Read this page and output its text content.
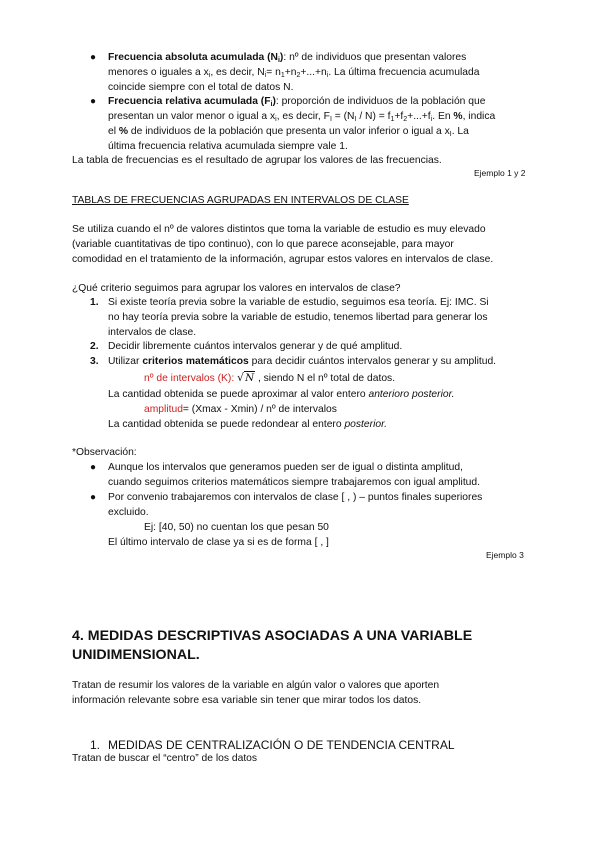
● Frecuencia absoluta acumulada $(N_i)$: nº de individuos que presentan valores
menores o iguales a $x_i$, es decir, $N_i= n_1+n_2+...+n_i$. La última frecuencia acumulada
coincide siempre con el total de datos N.
● Frecuencia relativa acumulada $(F_i)$: proporción de individuos de la población que
presentan un valor menor o igual a $x_i$, es decir, $F_I = (N_I / N) = f_1+f_2+...+f_i$. En %, indica
el % de individuos de la población que presenta un valor inferior o igual a $x_I$. La
última frecuencia relativa acumulada siempre vale 1.
La tabla de frecuencias es el resultado de agrupar los valores de las frecuencias.
Ejemplo 1 y 2
TABLAS DE FRECUENCIAS AGRUPADAS EN INTERVALOS DE CLASE
Se utiliza cuando el nº de valores distintos que toma la variable de estudio es muy elevado
(variable cuantitativas de tipo continuo), con lo que parece aconsejable, para mayor
comodidad en el tratamiento de la información, agrupar estos valores en intervalos de clase.
¿Qué criterio seguimos para agrupar los valores en intervalos de clase?
1. Si existe teoría previa sobre la variable de estudio, seguimos esa teoría. Ej: IMC. Si
no hay teoría previa sobre la variable de estudio, tenemos libertad para generar los
intervalos de clase.
2. Decidir libremente cuántos intervalos generar y de qué amplitud.
3. Utilizar criterios matemáticos para decidir cuántos intervalos generar y su amplitud.
nº de intervalos (K): √N , siendo N el nº total de datos.
La cantidad obtenida se puede aproximar al valor entero anterioro posterior.
amplitud= (Xmax - Xmin) / nº de intervalos
La cantidad obtenida se puede redondear al entero posterior.
*Observación:
● Aunque los intervalos que generamos pueden ser de igual o distinta amplitud,
cuando seguimos criterios matemáticos siempre trabajaremos con igual amplitud.
● Por convenio trabajaremos con intervalos de clase [ , ) – puntos finales superiores
excluido.
Ej: [40, 50) no cuentan los que pesan 50
El último intervalo de clase ya si es de forma [ , ]
Ejemplo 3
4. MEDIDAS DESCRIPTIVAS ASOCIADAS A UNA VARIABLE
UNIDIMENSIONAL.
Tratan de resumir los valores de la variable en algún valor o valores que aporten
información relevante sobre esa variable sin tener que mirar todos los datos.
1. MEDIDAS DE CENTRALIZACIÓN O DE TENDENCIA CENTRAL
Tratan de buscar el “centro” de los datos
